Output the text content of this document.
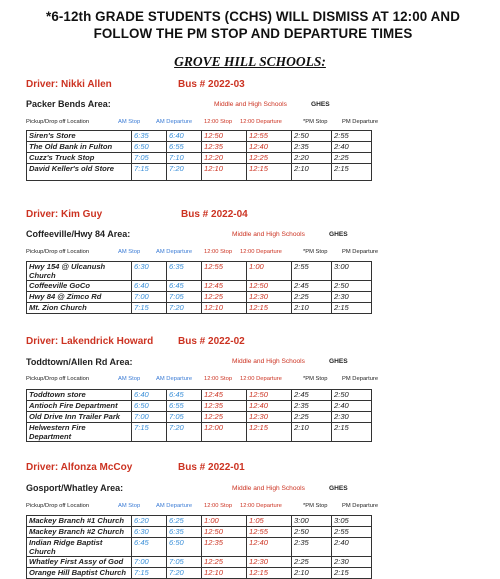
*6-12th GRADE STUDENTS (CCHS) WILL DISMISS AT 12:00 AND
FOLLOW THE PM STOP AND DEPARTURE TIMES
GROVE HILL SCHOOLS:
Driver: Nikki Allen	Bus # 2022-03
Packer Bends Area:	Middle and High Schools	GHES
Pickup/Drop off Location	AM Stop	AM Departure 12:00 Stop 12:00 Departure	*PM Stop	PM Departure
Siren's Store	6:35	6:40	12:50	12:55	2:50	2:55
The Old Bank in Fulton	6:50	6:55	12:35	12:40	2:35	2:40
Cuzz's Truck Stop	7:05	7:10	12:20	12:25	2:20	2:25
David Keller's old Store	7:15	7:20	12:10	12:15	2:10	2:15
Driver: Kim Guy	Bus # 2022-04
Coffeeville/Hwy 84 Area:	Middle and High Schools	GHES
Pickup/Drop off Location	AM Stop	AM Departure 12:00 Stop 12:00 Departure	*PM Stop	PM Departure
Hwy 154 @ Ulcanush Church	6:30	6:35	12:55	1:00	2:55	3:00
Coffeeville GoCo	6:40	6:45	12:45	12:50	2:45	2:50
Hwy 84 @ Zimco Rd	7:00	7:05	12:25	12:30	2:25	2:30
Mt. Zion Church	7:15	7:20	12:10	12:15	2:10	2:15
Driver: Lakendrick Howard Bus # 2022-02
Toddtown/Allen Rd Area:	Middle and High Schools	GHES
Pickup/Drop off Location	AM Stop	AM Departure 12:00 Stop 12:00 Departure	*PM Stop	PM Departure
Toddtown store	6:40	6:45	12:45	12:50	2:45	2:50
Antioch Fire Department	6:50	6:55	12:35	12:40	2:35	2:40
Old Drive Inn Trailer Park	7:00	7:05	12:25	12:30	2:25	2:30
Helwestern Fire Department	7:15	7:20	12:00	12:15	2:10	2:15
Driver: Alfonza McCoy	Bus # 2022-01
Gosport/Whatley Area:	Middle and High Schools	GHES
Pickup/Drop off Location	AM Stop	AM Departure 12:00 Stop 12:00 Departure	*PM Stop	PM Departure
Mackey Branch #1 Church	6:20	6:25	1:00	1:05	3:00	3:05
Mackey Branch #2 Church	6:30	6:35	12:50	12:55	2:50	2:55
Indian Ridge Baptist Church	6:45	6:50	12:35	12:40	2:35	2:40
Whatley First Assy of God	7:00	7:05	12:25	12:30	2:25	2:30
Orange Hill Baptist Church	7:15	7:20	12:10	12:15	2:10	2:15
